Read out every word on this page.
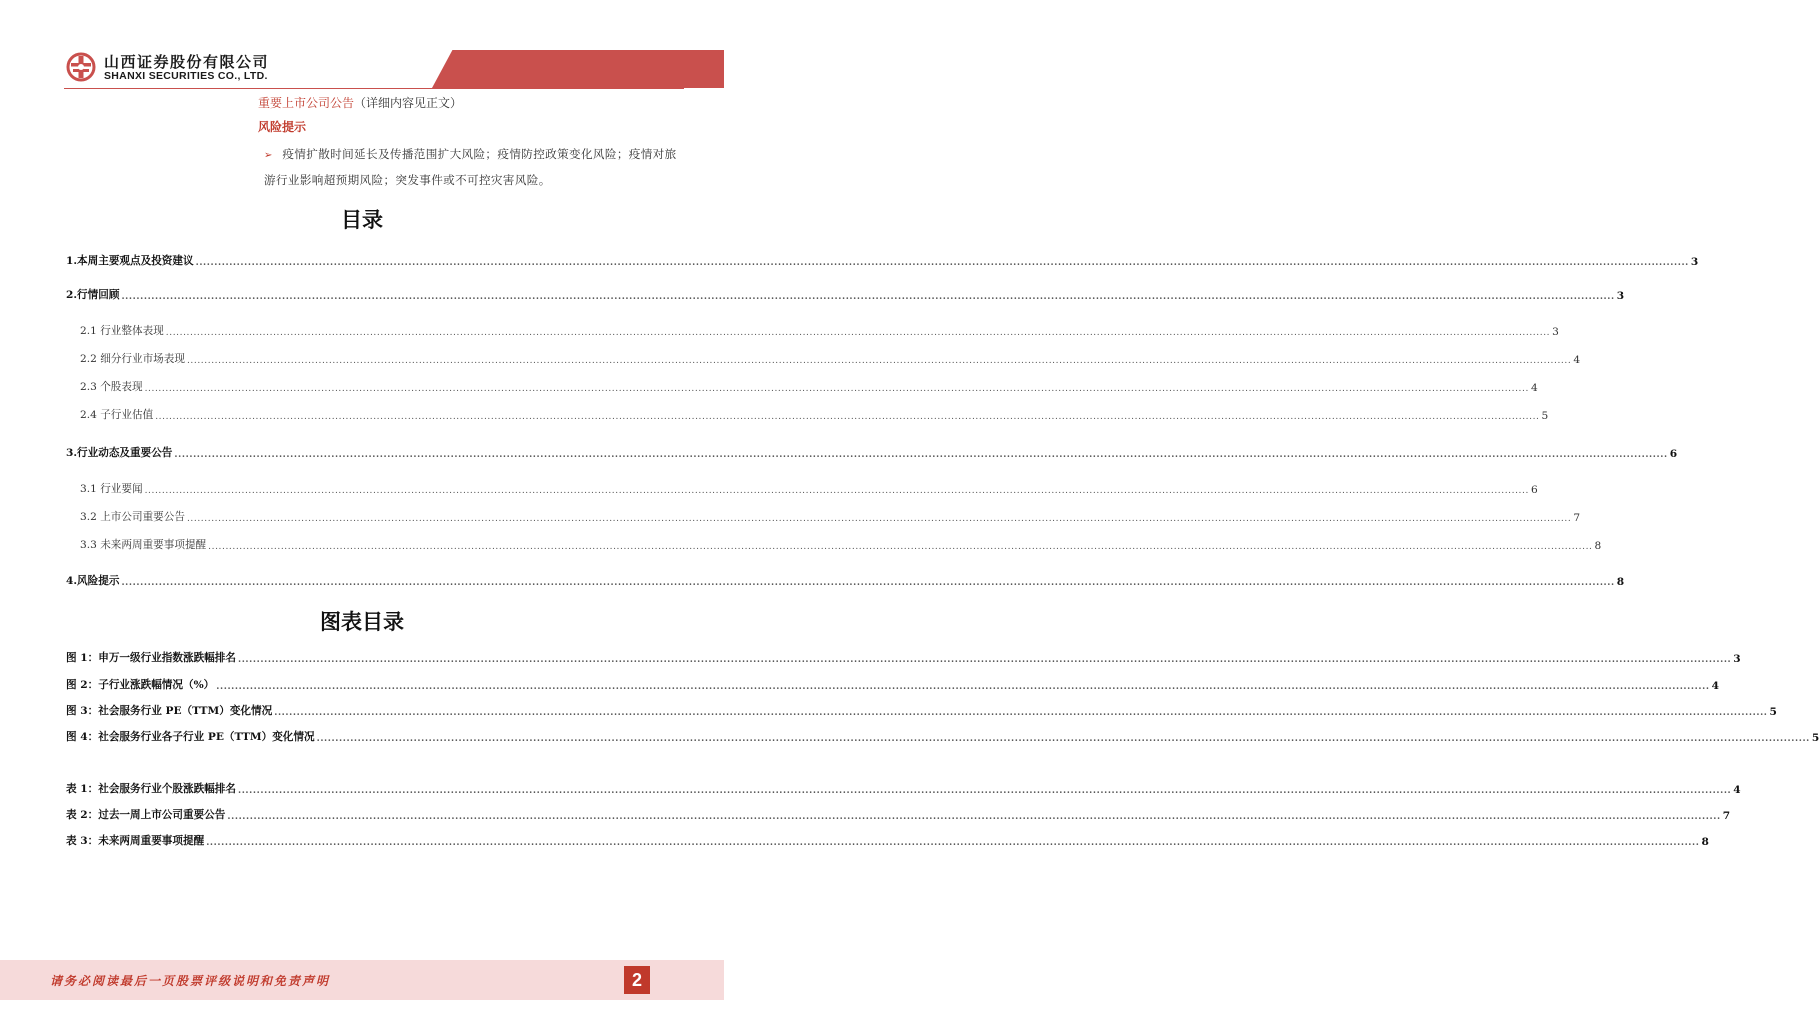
山西证券股份有限公司
SHANXI SECURITIES CO., LTD.
证券研究报告：行业研究/定期报告
重要上市公司公告（详细内容见正文）
风险提示
➢ 疫情扩散时间延长及传播范围扩大风险；疫情防控政策变化风险；疫情对旅游行业影响超预期风险；突发事件或不可控灾害风险。
目录
1.本周主要观点及投资建议 ................................................................................................................................................................................................................................................................................................................................................................................................................ 3
2.行情回顾 ................................................................................................................................................................................................................................................................................................................................................................................................................ 3
2.1 行业整体表现 ................................................................................................................................................................................................................................................................................................................................................................................................................ 3
2.2 细分行业市场表现 ................................................................................................................................................................................................................................................................................................................................................................................................................ 4
2.3 个股表现 ................................................................................................................................................................................................................................................................................................................................................................................................................ 4
2.4 子行业估值 ................................................................................................................................................................................................................................................................................................................................................................................................................ 5
3.行业动态及重要公告 ................................................................................................................................................................................................................................................................................................................................................................................................................ 6
3.1 行业要闻 ................................................................................................................................................................................................................................................................................................................................................................................................................ 6
3.2 上市公司重要公告 ................................................................................................................................................................................................................................................................................................................................................................................................................ 7
3.3 未来两周重要事项提醒 ................................................................................................................................................................................................................................................................................................................................................................................................................ 8
4.风险提示 ................................................................................................................................................................................................................................................................................................................................................................................................................ 8
图表目录
图 1：申万一级行业指数涨跌幅排名 ................................................................................................................................................................................................................................................................................................................................................................................................................ 3
图 2：子行业涨跌幅情况（%） ................................................................................................................................................................................................................................................................................................................................................................................................................ 4
图 3：社会服务行业 PE（TTM）变化情况 ................................................................................................................................................................................................................................................................................................................................................................................................................ 5
图 4：社会服务行业各子行业 PE（TTM）变化情况 ................................................................................................................................................................................................................................................................................................................................................................................................................ 5
表 1：社会服务行业个股涨跌幅排名 ................................................................................................................................................................................................................................................................................................................................................................................................................ 4
表 2：过去一周上市公司重要公告 ................................................................................................................................................................................................................................................................................................................................................................................................................ 7
表 3：未来两周重要事项提醒 ................................................................................................................................................................................................................................................................................................................................................................................................................ 8
请务必阅读最后一页股票评级说明和免责声明	2
